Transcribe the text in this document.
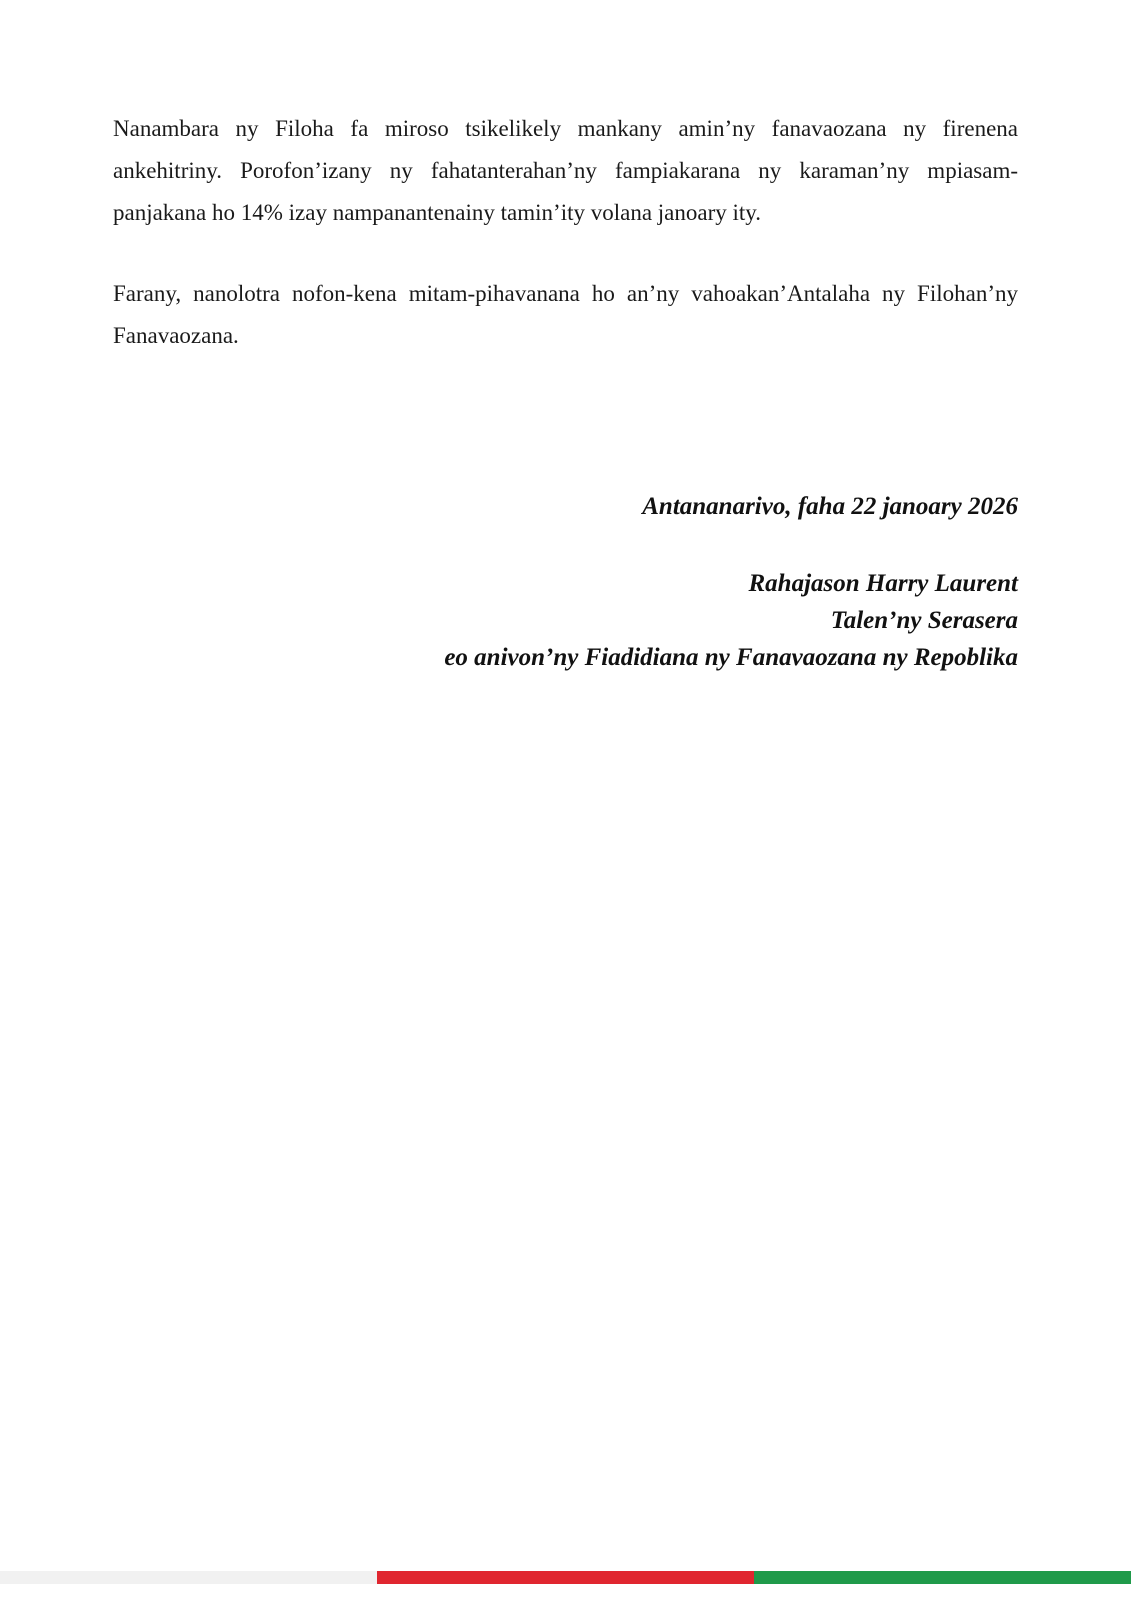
Nanambara ny Filoha fa miroso tsikelikely mankany amin’ny fanavaozana ny firenena ankehitriny. Porofon’izany ny fahatanterahan’ny fampiakarana ny karaman’ny mpiasam-panjakana ho 14% izay nampanantenainy tamin’ity volana janoary ity.

Farany, nanolotra nofon-kena mitam-pihavanana ho an’ny vahoakan’Antalaha ny Filohan’ny Fanavaozana.

Antananarivo, faha 22 janoary 2026

Rahajason Harry Laurent

Talen’ny Serasera

eo anivon’ny Fiadidiana ny Fanavaozana ny Repoblika
